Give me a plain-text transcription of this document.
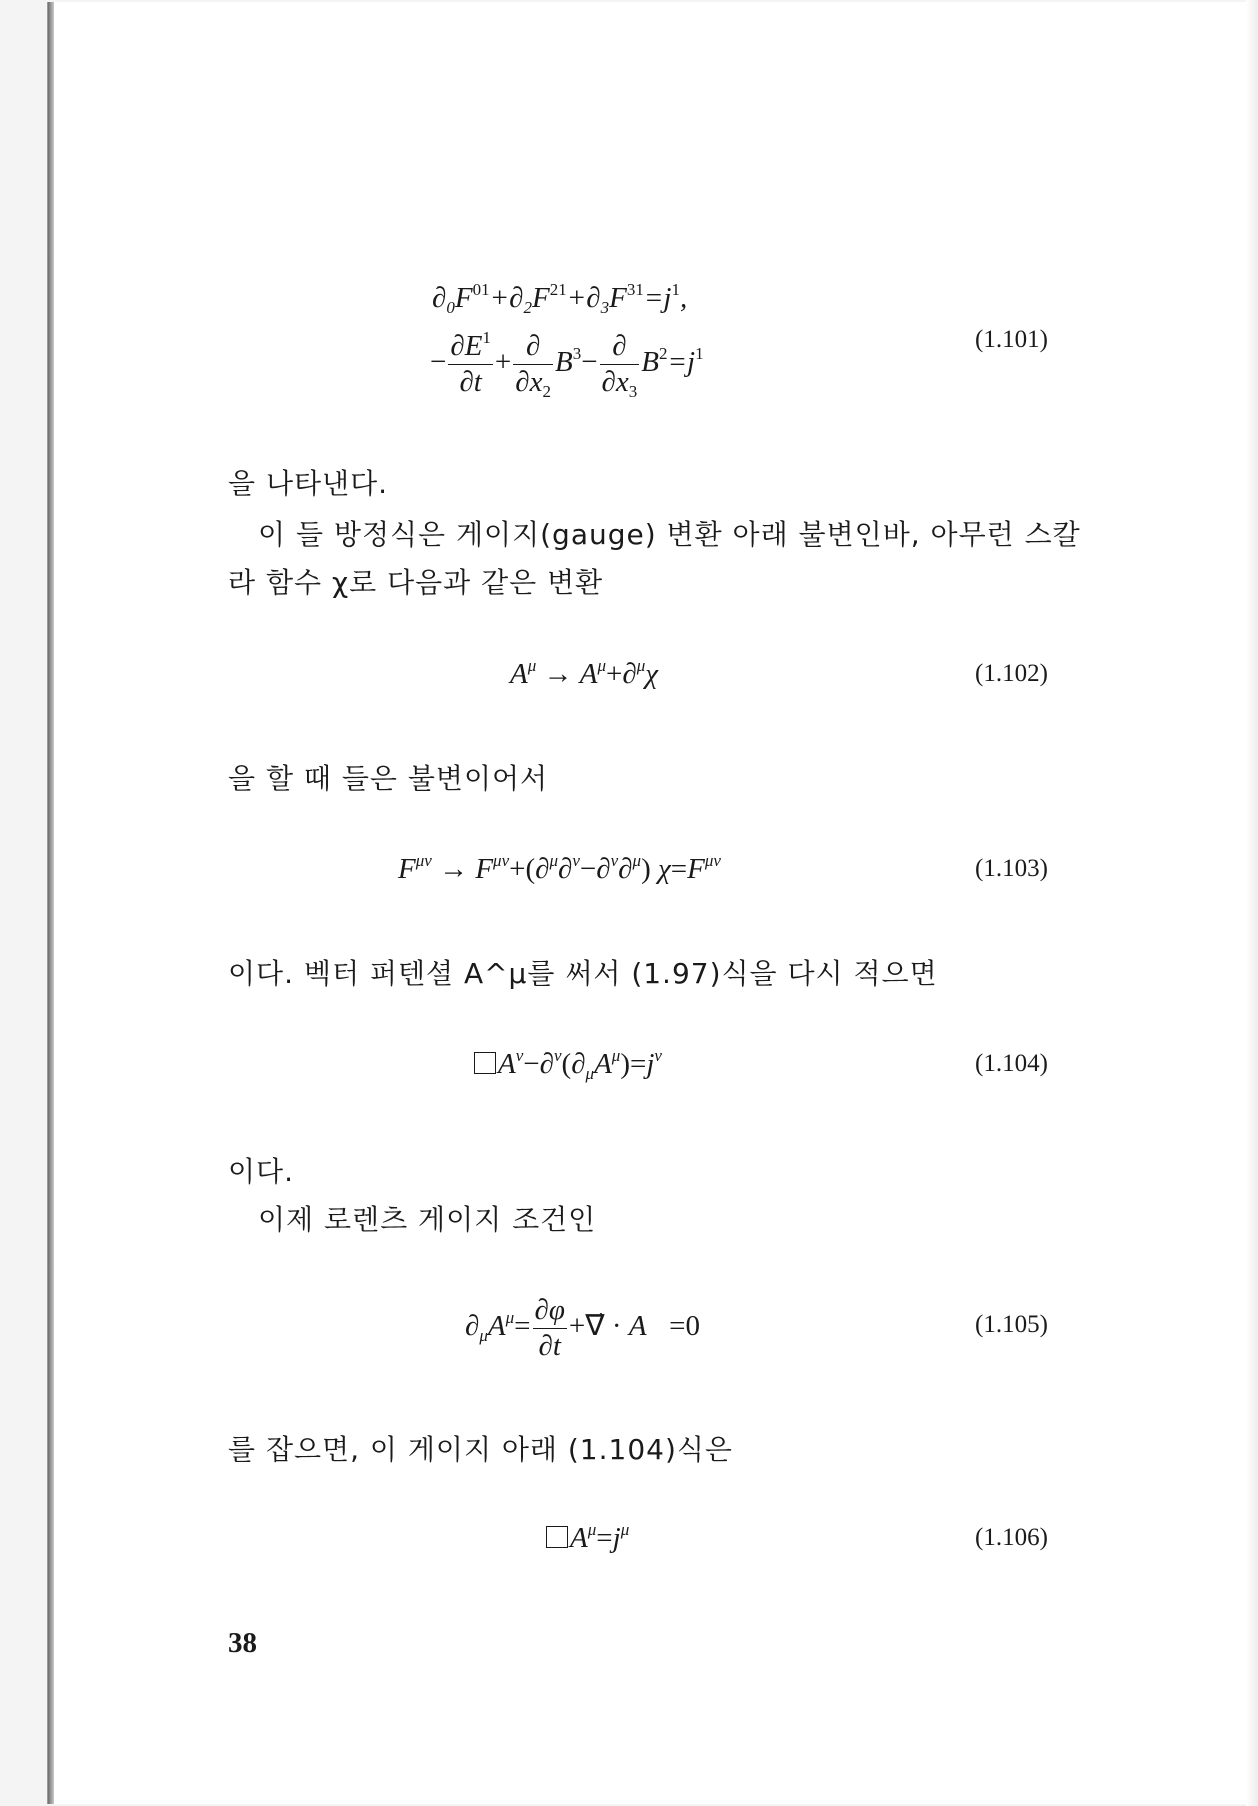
$\partial_0F^{01}+\partial_2F^{21}+\partial_3F^{31}=j^1$,
− $\frac{\partial E^1}{\partial t} + \frac{\partial}{\partial x_2} B^3- \frac{\partial}{\partial x_3} B^2=j^1$
(1.101)
을 나타낸다.
이 들 방정식은 게이지(gauge) 변환 아래 불변인바, 아무런 스칼
라 함수 χ로 다음과 같은 변환
$A^\mu \to A^\mu+\partial^\mu\chi$	(1.102)
을 할 때 들은 불변이어서
$F^{\mu\nu} \to F^{\mu\nu}+(\partial^\mu\partial^\nu-\partial^\nu\partial^\mu)$ $\chi=F^{\mu\nu}$	(1.103)
이다. 벡터 퍼텐셜 A^μ를 써서 (1.97)식을 다시 적으면
$A^\nu-\partial^\nu(\partial_\mu A^\mu)=j^\nu$	(1.104)
이다.
이제 로렌츠 게이지 조건인
$\partial_\mu A^\mu= \frac{\partial\varphi}{\partial t}$ +∇⃗ · A⃗=0	(1.105)
를 잡으면, 이 게이지 아래 (1.104)식은
$A^\mu=j^\mu$	(1.106)
38
